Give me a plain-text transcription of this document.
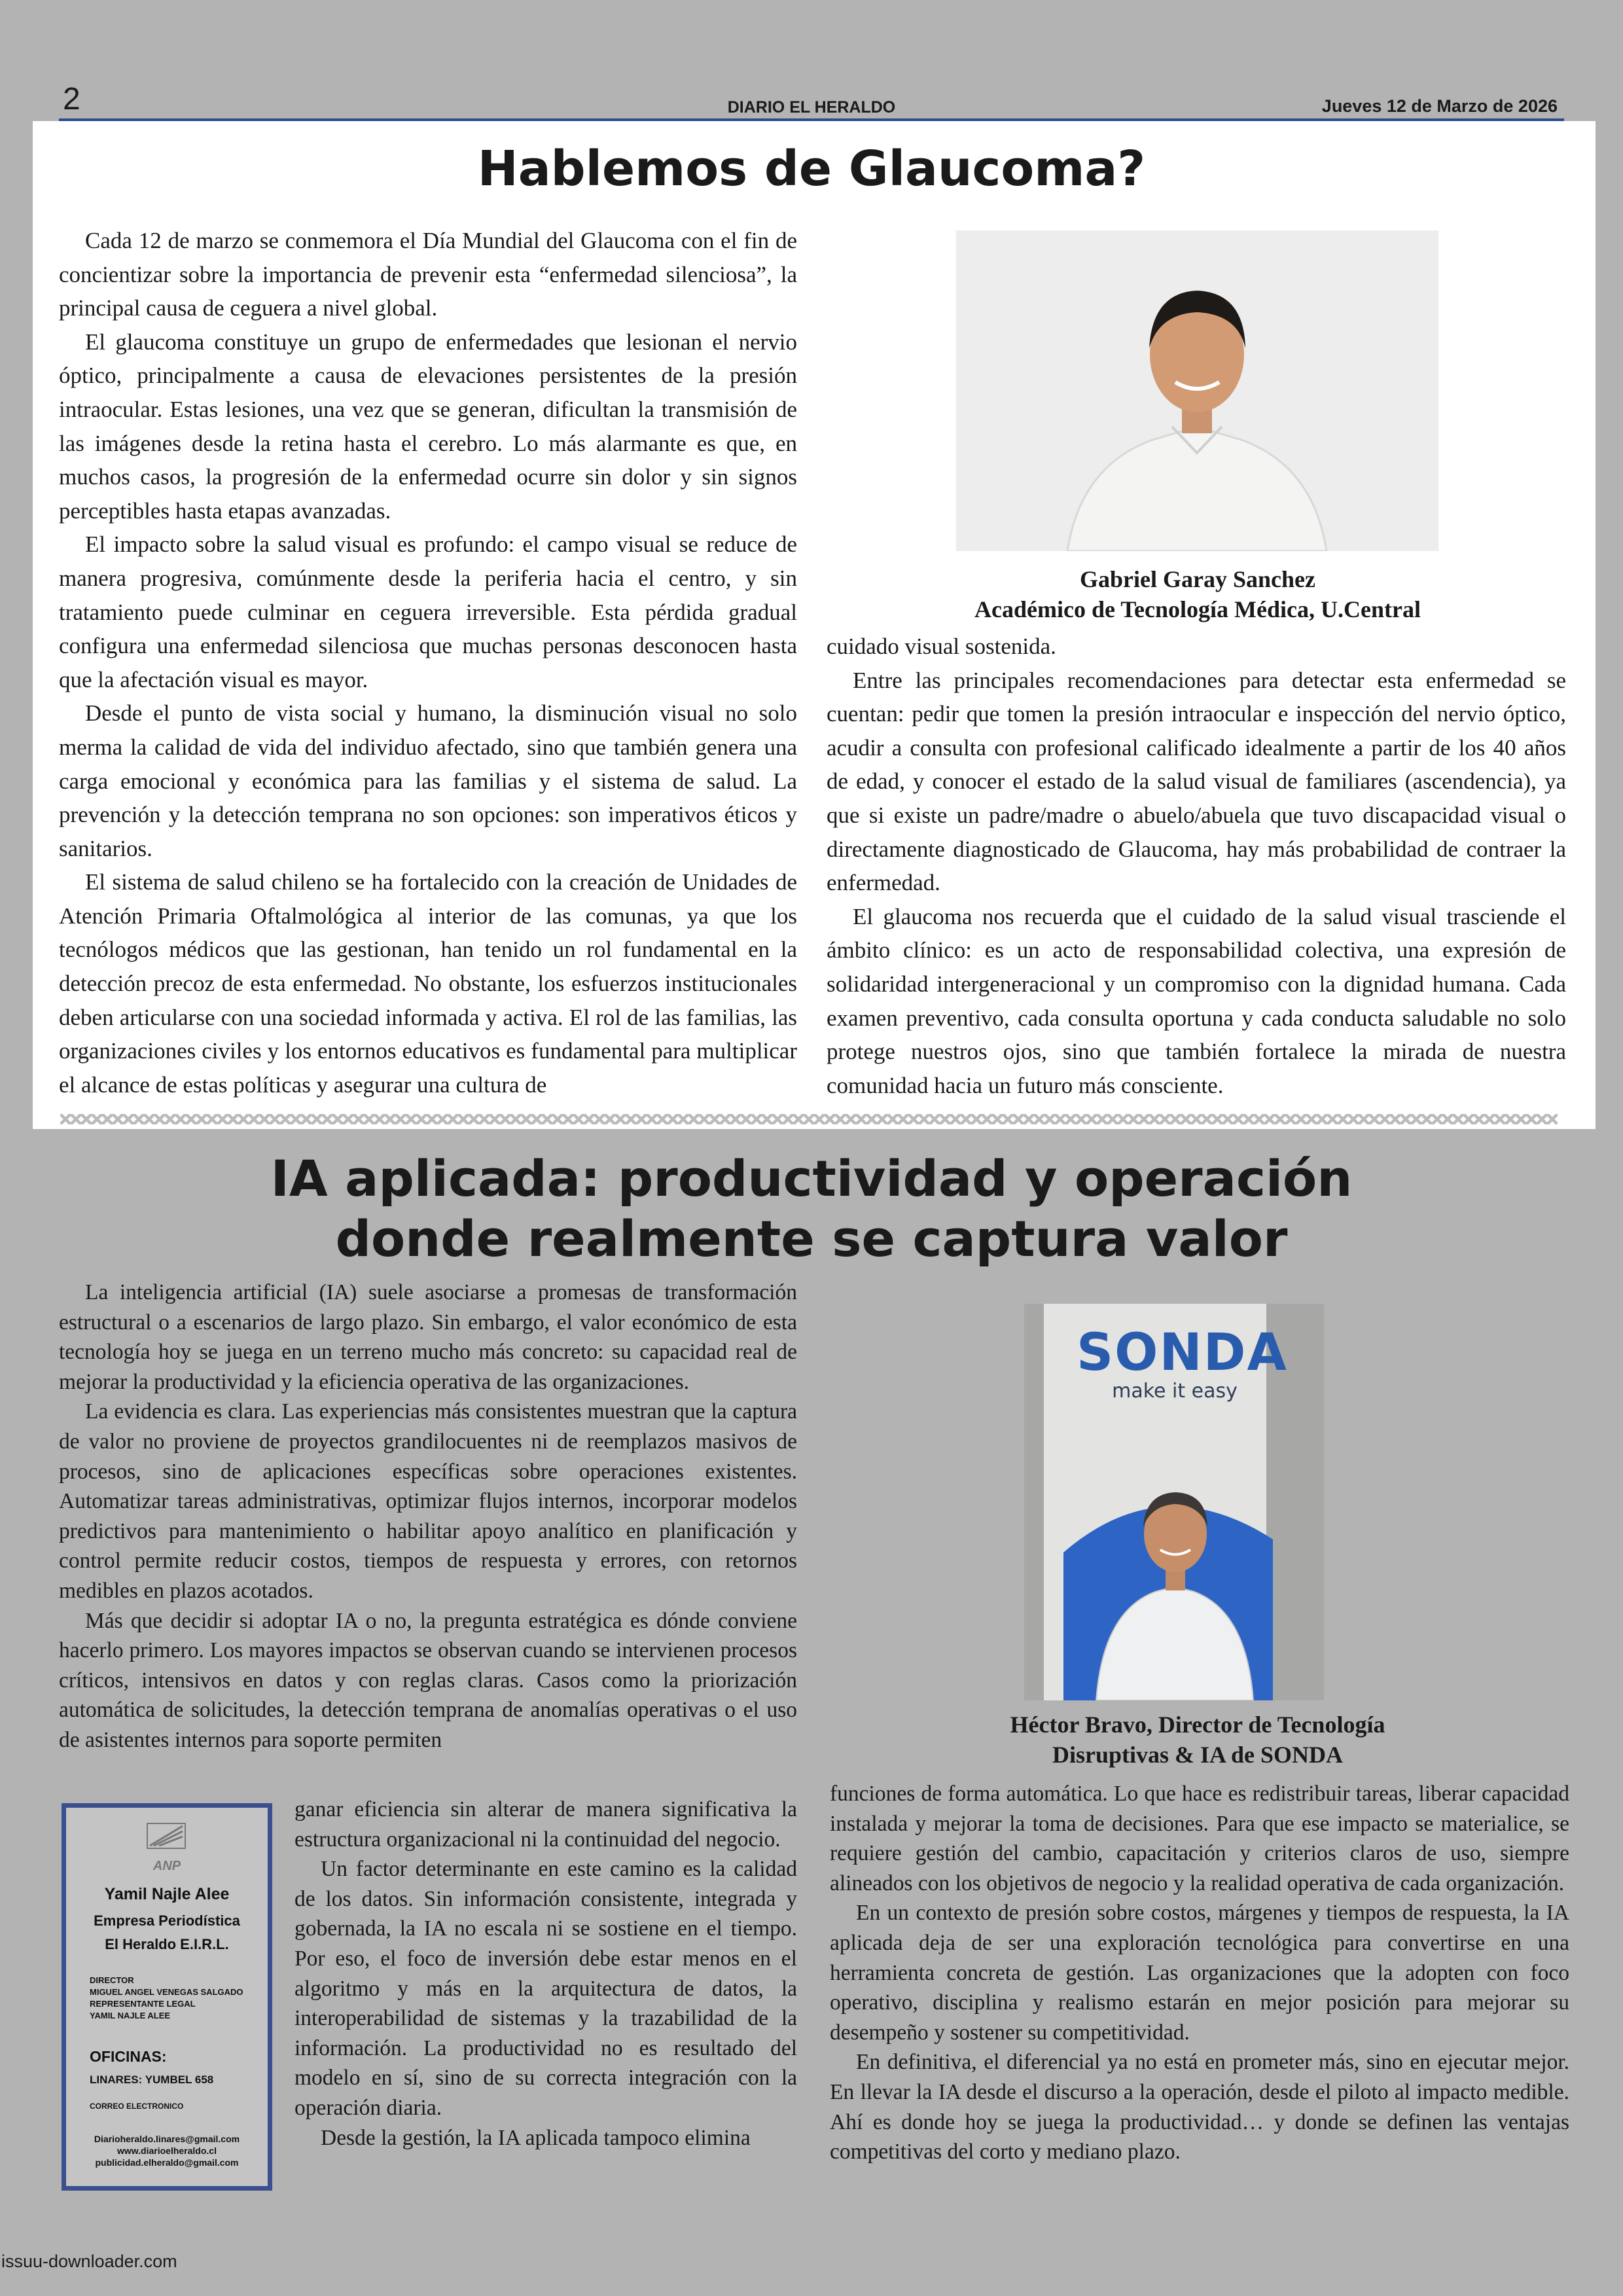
2	DIARIO EL HERALDO	Jueves 12 de Marzo de 2026
Hablemos de Glaucoma?

Cada 12 de marzo se conmemora el Día Mundial del Glaucoma con el fin de concientizar sobre la importancia de prevenir esta “enfermedad silenciosa”, la principal causa de ceguera a nivel global.

El glaucoma constituye un grupo de enfermedades que lesionan el nervio óptico, principalmente a causa de elevaciones persistentes de la presión intraocular. Estas lesiones, una vez que se generan, dificultan la transmisión de las imágenes desde la retina hasta el cerebro. Lo más alarmante es que, en muchos casos, la progresión de la enfermedad ocurre sin dolor y sin signos perceptibles hasta etapas avanzadas.

El impacto sobre la salud visual es profundo: el campo visual se reduce de manera progresiva, comúnmente desde la periferia hacia el centro, y sin tratamiento puede culminar en ceguera irreversible. Esta pérdida gradual configura una enfermedad silenciosa que muchas personas desconocen hasta que la afectación visual es mayor.

Desde el punto de vista social y humano, la disminución visual no solo merma la calidad de vida del individuo afectado, sino que también genera una carga emocional y económica para las familias y el sistema de salud. La prevención y la detección temprana no son opciones: son imperativos éticos y sanitarios.

El sistema de salud chileno se ha fortalecido con la creación de Unidades de Atención Primaria Oftalmológica al interior de las comunas, ya que los tecnólogos médicos que las gestionan, han tenido un rol fundamental en la detección precoz de esta enfermedad. No obstante, los esfuerzos institucionales deben articularse con una sociedad informada y activa. El rol de las familias, las organizaciones civiles y los entornos educativos es fundamental para multiplicar el alcance de estas políticas y asegurar una cultura de

Gabriel Garay Sanchez
Académico de Tecnología Médica, U.Central

cuidado visual sostenida.

Entre las principales recomendaciones para detectar esta enfermedad se cuentan: pedir que tomen la presión intraocular e inspección del nervio óptico, acudir a consulta con profesional calificado idealmente a partir de los 40 años de edad, y conocer el estado de la salud visual de familiares (ascendencia), ya que si existe un padre/madre o abuelo/abuela que tuvo discapacidad visual o directamente diagnosticado de Glaucoma, hay más probabilidad de contraer la enfermedad.

El glaucoma nos recuerda que el cuidado de la salud visual trasciende el ámbito clínico: es un acto de responsabilidad colectiva, una expresión de solidaridad intergeneracional y un compromiso con la dignidad humana. Cada examen preventivo, cada consulta oportuna y cada conducta saludable no solo protege nuestros ojos, sino que también fortalece la mirada de nuestra comunidad hacia un futuro más consciente.

IA aplicada: productividad y operación
donde realmente se captura valor

La inteligencia artificial (IA) suele asociarse a promesas de transformación estructural o a escenarios de largo plazo. Sin embargo, el valor económico de esta tecnología hoy se juega en un terreno mucho más concreto: su capacidad real de mejorar la productividad y la eficiencia operativa de las organizaciones.

La evidencia es clara. Las experiencias más consistentes muestran que la captura de valor no proviene de proyectos grandilocuentes ni de reemplazos masivos de procesos, sino de aplicaciones específicas sobre operaciones existentes. Automatizar tareas administrativas, optimizar flujos internos, incorporar modelos predictivos para mantenimiento o habilitar apoyo analítico en planificación y control permite reducir costos, tiempos de respuesta y errores, con retornos medibles en plazos acotados.

Más que decidir si adoptar IA o no, la pregunta estratégica es dónde conviene hacerlo primero. Los mayores impactos se observan cuando se intervienen procesos críticos, intensivos en datos y con reglas claras. Casos como la priorización automática de solicitudes, la detección temprana de anomalías operativas o el uso de asistentes internos para soporte permiten

ganar eficiencia sin alterar de manera significativa la estructura organizacional ni la continuidad del negocio.

Un factor determinante en este camino es la calidad de los datos. Sin información consistente, integrada y gobernada, la IA no escala ni se sostiene en el tiempo. Por eso, el foco de inversión debe estar menos en el algoritmo y más en la arquitectura de datos, la interoperabilidad de sistemas y la trazabilidad de la información. La productividad no es resultado del modelo en sí, sino de su correcta integración con la operación diaria.

Desde la gestión, la IA aplicada tampoco elimina

ANP
Yamil Najle Alee
Empresa Periodística
El Heraldo E.I.R.L.
DIRECTOR
MIGUEL ANGEL VENEGAS SALGADO
REPRESENTANTE LEGAL
YAMIL NAJLE ALEE
OFICINAS:
LINARES: YUMBEL 658
CORREO ELECTRONICO
Diarioheraldo.linares@gmail.com
www.diarioelheraldo.cl
publicidad.elheraldo@gmail.com
SONDA
make it easy
Héctor Bravo, Director de Tecnología
Disruptivas & IA de SONDA

funciones de forma automática. Lo que hace es redistribuir tareas, liberar capacidad instalada y mejorar la toma de decisiones. Para que ese impacto se materialice, se requiere gestión del cambio, capacitación y criterios claros de uso, siempre alineados con los objetivos de negocio y la realidad operativa de cada organización.

En un contexto de presión sobre costos, márgenes y tiempos de respuesta, la IA aplicada deja de ser una exploración tecnológica para convertirse en una herramienta concreta de gestión. Las organizaciones que la adopten con foco operativo, disciplina y realismo estarán en mejor posición para mejorar su desempeño y sostener su competitividad.

En definitiva, el diferencial ya no está en prometer más, sino en ejecutar mejor. En llevar la IA desde el discurso a la operación, desde el piloto al impacto medible. Ahí es donde hoy se juega la productividad… y donde se definen las ventajas competitivas del corto y mediano plazo.

issuu-downloader.com
